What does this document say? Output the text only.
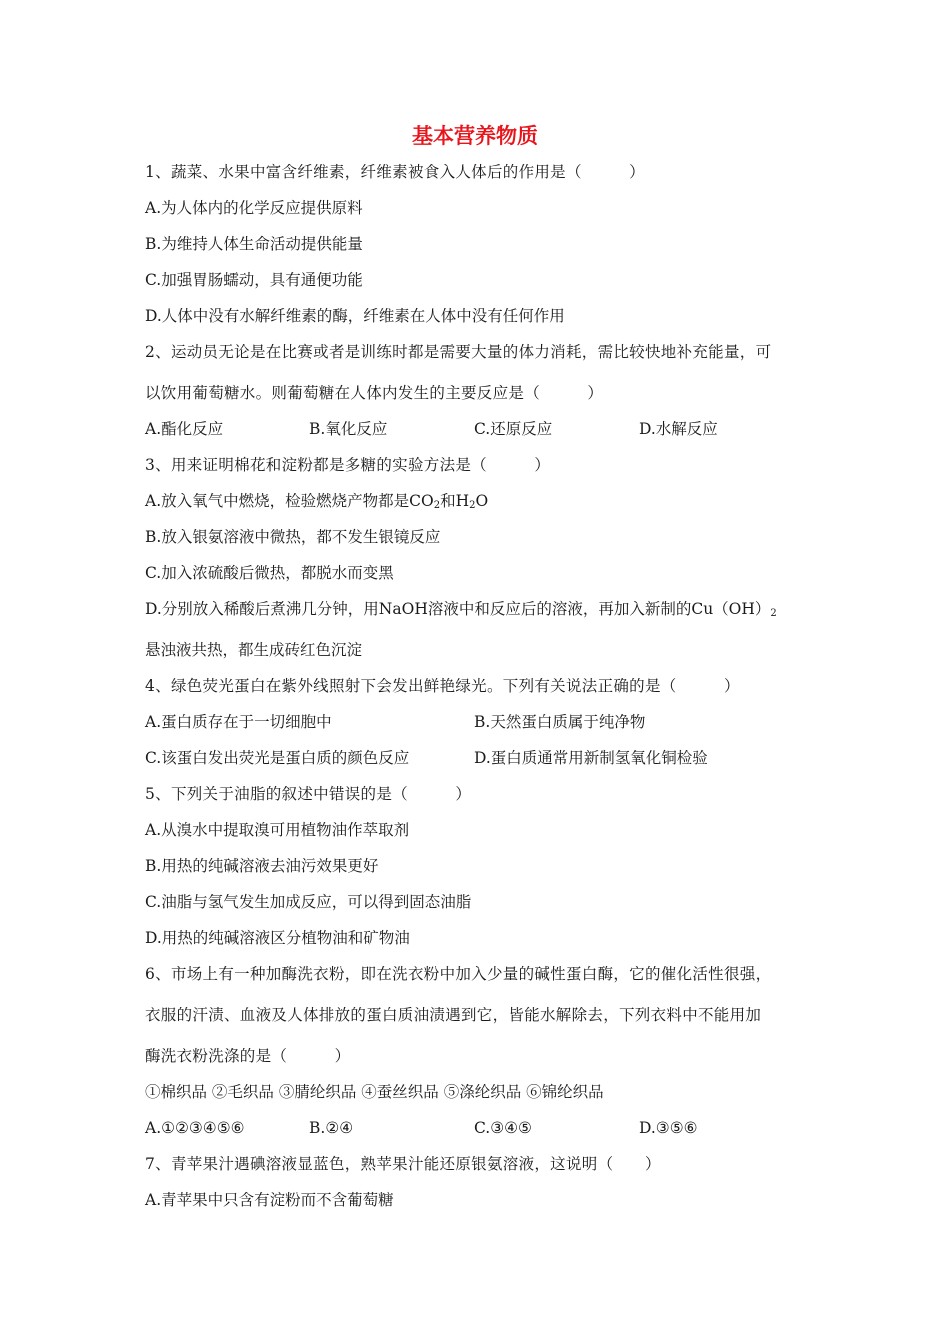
基本营养物质
1、蔬菜、水果中富含纤维素，纤维素被食入人体后的作用是（　　　）
A.为人体内的化学反应提供原料
B.为维持人体生命活动提供能量
C.加强胃肠蠕动，具有通便功能
D.人体中没有水解纤维素的酶，纤维素在人体中没有任何作用
2、运动员无论是在比赛或者是训练时都是需要大量的体力消耗，需比较快地补充能量，可
以饮用葡萄糖水。则葡萄糖在人体内发生的主要反应是（　　　）
A.酯化反应	B.氧化反应	C.还原反应	D.水解反应
3、用来证明棉花和淀粉都是多糖的实验方法是（　　　）
A.放入氧气中燃烧，检验燃烧产物都是$CO_2$和$H_2O$
B.放入银氨溶液中微热，都不发生银镜反应
C.加入浓硫酸后微热，都脱水而变黑
D.分别放入稀酸后煮沸几分钟，用NaOH溶液中和反应后的溶液，再加入新制的$Cu(OH)_2$
悬浊液共热，都生成砖红色沉淀
4、绿色荧光蛋白在紫外线照射下会发出鲜艳绿光。下列有关说法正确的是（　　　）
A.蛋白质存在于一切细胞中	B.天然蛋白质属于纯净物
C.该蛋白发出荧光是蛋白质的颜色反应	D.蛋白质通常用新制氢氧化铜检验
5、下列关于油脂的叙述中错误的是（　　　）
A.从溴水中提取溴可用植物油作萃取剂
B.用热的纯碱溶液去油污效果更好
C.油脂与氢气发生加成反应，可以得到固态油脂
D.用热的纯碱溶液区分植物油和矿物油
6、市场上有一种加酶洗衣粉，即在洗衣粉中加入少量的碱性蛋白酶，它的催化活性很强，
衣服的汗渍、血液及人体排放的蛋白质油渍遇到它，皆能水解除去，下列衣料中不能用加
酶洗衣粉洗涤的是（　　　）
①棉织品 ②毛织品 ③腈纶织品 ④蚕丝织品 ⑤涤纶织品 ⑥锦纶织品
A.①②③④⑤⑥	B.②④	C.③④⑤	D.③⑤⑥
7、青苹果汁遇碘溶液显蓝色，熟苹果汁能还原银氨溶液，这说明（　　）
A.青苹果中只含有淀粉而不含葡萄糖
